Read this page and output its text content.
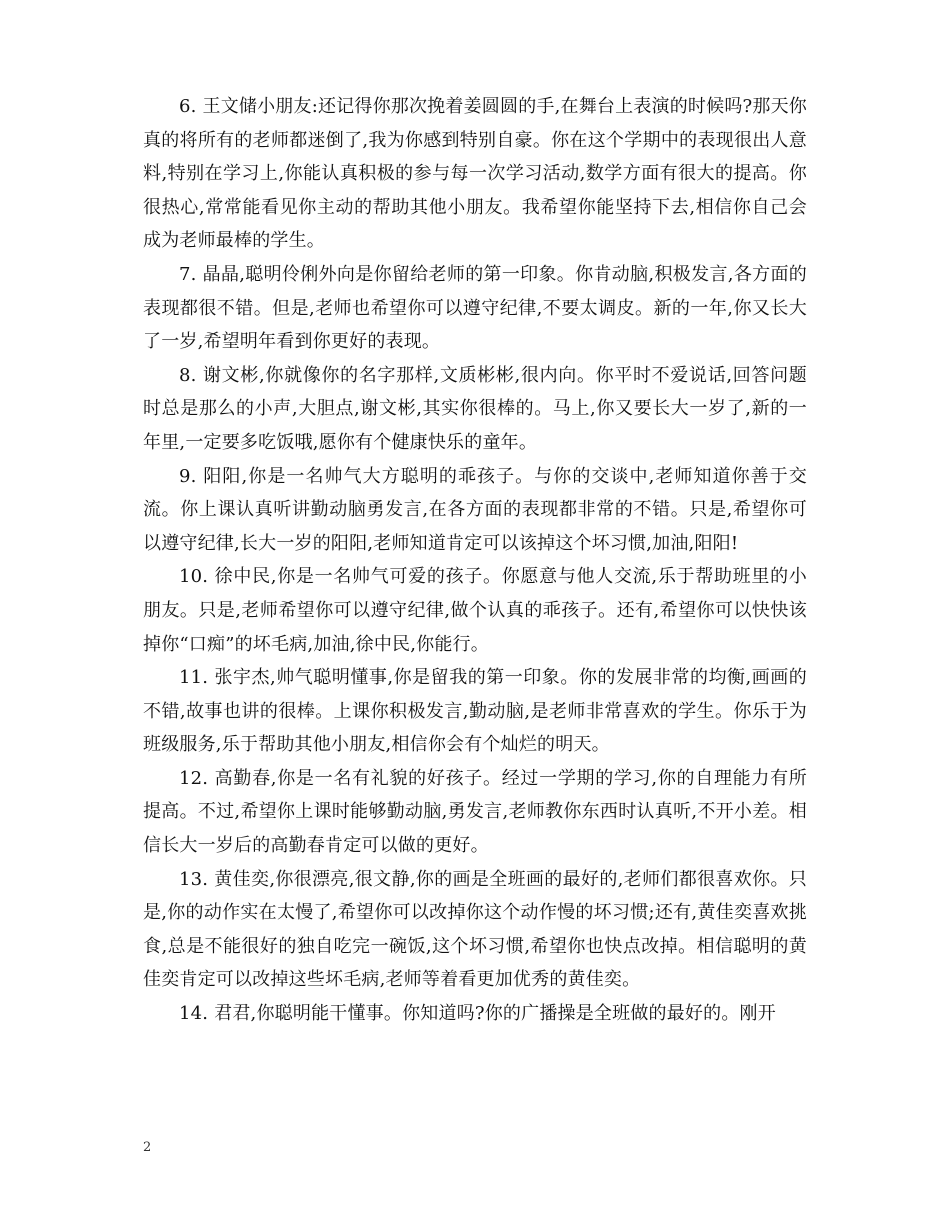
6. 王文储小朋友:还记得你那次挽着姜圆圆的手,在舞台上表演的时候吗?那天你真的将所有的老师都迷倒了,我为你感到特别自豪。你在这个学期中的表现很出人意料,特别在学习上,你能认真积极的参与每一次学习活动,数学方面有很大的提高。你很热心,常常能看见你主动的帮助其他小朋友。我希望你能坚持下去,相信你自己会成为老师最棒的学生。

7. 晶晶,聪明伶俐外向是你留给老师的第一印象。你肯动脑,积极发言,各方面的表现都很不错。但是,老师也希望你可以遵守纪律,不要太调皮。新的一年,你又长大了一岁,希望明年看到你更好的表现。

8. 谢文彬,你就像你的名字那样,文质彬彬,很内向。你平时不爱说话,回答问题时总是那么的小声,大胆点,谢文彬,其实你很棒的。马上,你又要长大一岁了,新的一年里,一定要多吃饭哦,愿你有个健康快乐的童年。

9. 阳阳,你是一名帅气大方聪明的乖孩子。与你的交谈中,老师知道你善于交流。你上课认真听讲勤动脑勇发言,在各方面的表现都非常的不错。只是,希望你可以遵守纪律,长大一岁的阳阳,老师知道肯定可以该掉这个坏习惯,加油,阳阳!

10. 徐中民,你是一名帅气可爱的孩子。你愿意与他人交流,乐于帮助班里的小朋友。只是,老师希望你可以遵守纪律,做个认真的乖孩子。还有,希望你可以快快该掉你“口痴”的坏毛病,加油,徐中民,你能行。

11. 张宇杰,帅气聪明懂事,你是留我的第一印象。你的发展非常的均衡,画画的不错,故事也讲的很棒。上课你积极发言,勤动脑,是老师非常喜欢的学生。你乐于为班级服务,乐于帮助其他小朋友,相信你会有个灿烂的明天。

12. 高勤春,你是一名有礼貌的好孩子。经过一学期的学习,你的自理能力有所提高。不过,希望你上课时能够勤动脑,勇发言,老师教你东西时认真听,不开小差。相信长大一岁后的高勤春肯定可以做的更好。

13. 黄佳奕,你很漂亮,很文静,你的画是全班画的最好的,老师们都很喜欢你。只是,你的动作实在太慢了,希望你可以改掉你这个动作慢的坏习惯;还有,黄佳奕喜欢挑食,总是不能很好的独自吃完一碗饭,这个坏习惯,希望你也快点改掉。相信聪明的黄佳奕肯定可以改掉这些坏毛病,老师等着看更加优秀的黄佳奕。

14. 君君,你聪明能干懂事。你知道吗?你的广播操是全班做的最好的。刚开

2
